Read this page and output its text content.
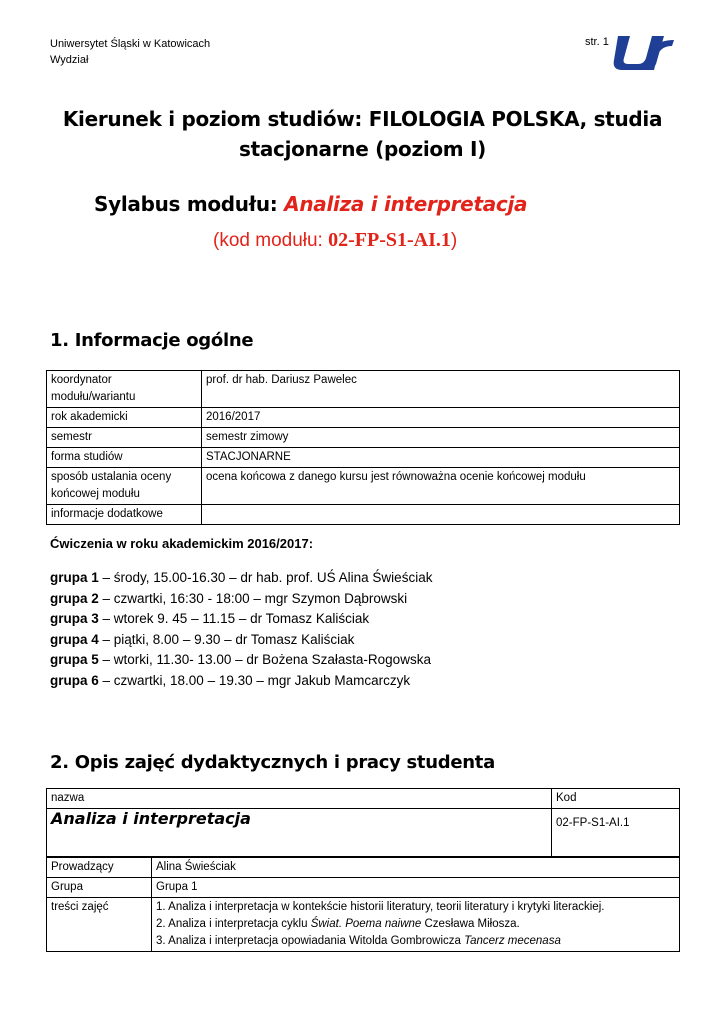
Uniwersytet Śląski w Katowicach
Wydział
str. 1
Kierunek i poziom studiów: FILOLOGIA POLSKA, studia
stacjonarne (poziom I)
Sylabus modułu: Analiza i interpretacja
(kod modułu: 02-FP-S1-AI.1)
1. Informacje ogólne
koordynator modułu/wariantu	prof. dr hab. Dariusz Pawelec
rok akademicki	2016/2017
semestr	semestr zimowy
forma studiów	STACJONARNE
sposób ustalania oceny końcowej modułu	ocena końcowa z danego kursu jest równoważna ocenie końcowej modułu
informacje dodatkowe	
Ćwiczenia w roku akademickim 2016/2017:
grupa 1 – środy, 15.00-16.30 – dr hab. prof. UŚ Alina Świeściak
grupa 2 – czwartki, 16:30 - 18:00 – mgr Szymon Dąbrowski
grupa 3 – wtorek 9. 45 – 11.15 – dr Tomasz Kaliściak
grupa 4 – piątki, 8.00 – 9.30 – dr Tomasz Kaliściak
grupa 5 – wtorki, 11.30- 13.00 – dr Bożena Szałasta-Rogowska
grupa 6 – czwartki, 18.00 – 19.30 – mgr Jakub Mamcarczyk
2. Opis zajęć dydaktycznych i pracy studenta
nazwa	Kod
Analiza i interpretacja	02-FP-S1-AI.1
Prowadzący	Alina Świeściak
Grupa	Grupa 1
treści zajęć	1. Analiza i interpretacja w kontekście historii literatury, teorii literatury i krytyki literackiej.
2. Analiza i interpretacja cyklu Świat. Poema naiwne Czesława Miłosza.
3. Analiza i interpretacja opowiadania Witolda Gombrowicza Tancerz mecenasa
